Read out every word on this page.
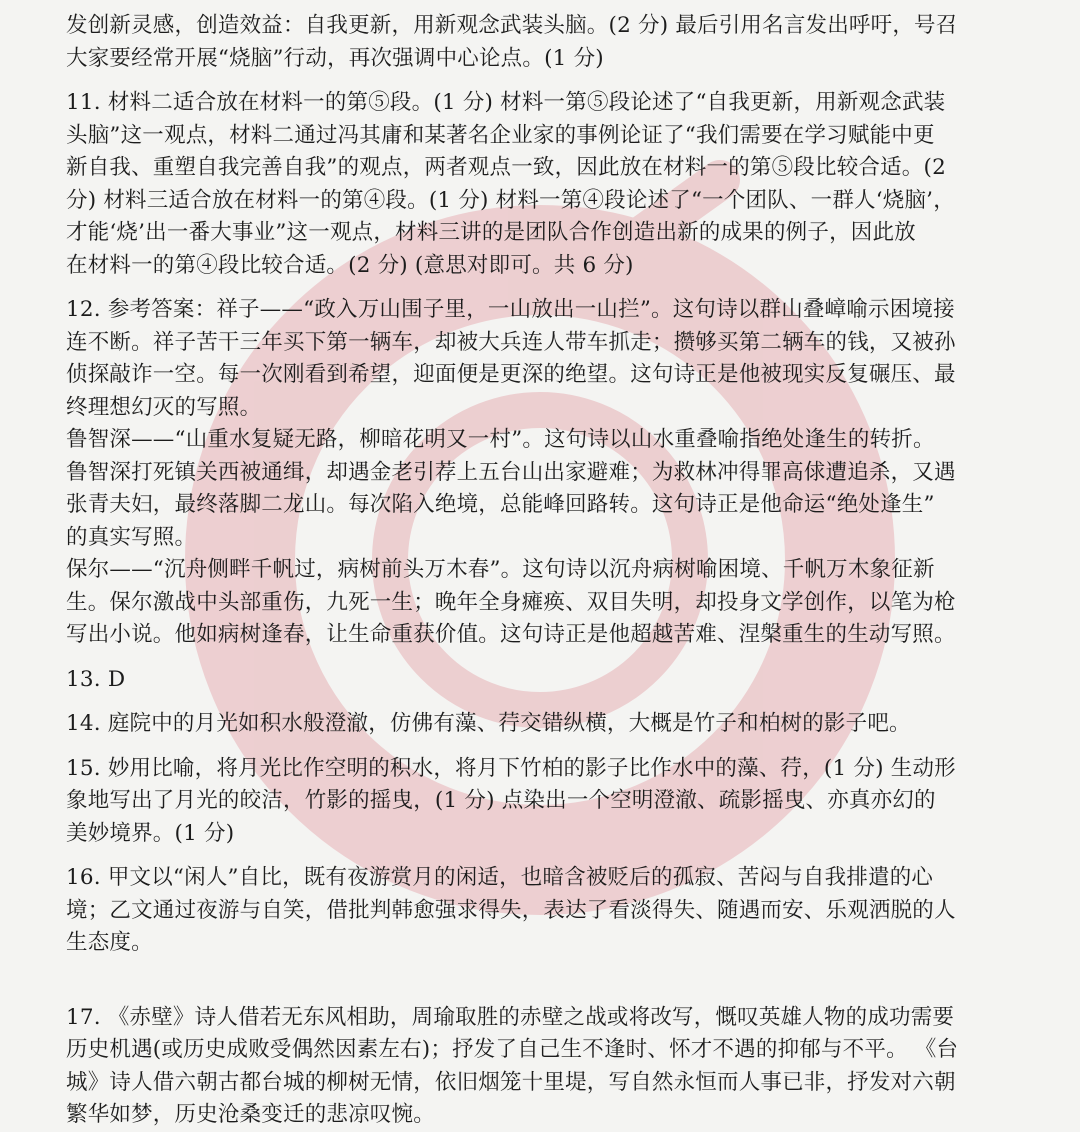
发创新灵感，创造效益：自我更新，用新观念武装头脑。(2 分) 最后引用名言发出呼吁，号召

大家要经常开展“烧脑”行动，再次强调中心论点。(1 分)

11. 材料二适合放在材料一的第⑤段。(1 分) 材料一第⑤段论述了“自我更新，用新观念武装

头脑”这一观点，材料二通过冯其庸和某著名企业家的事例论证了“我们需要在学习赋能中更

新自我、重塑自我完善自我”的观点，两者观点一致，因此放在材料一的第⑤段比较合适。(2

分) 材料三适合放在材料一的第④段。(1 分) 材料一第④段论述了“一个团队、一群人‘烧脑’，

才能‘烧’出一番大事业”这一观点，材料三讲的是团队合作创造出新的成果的例子，因此放

在材料一的第④段比较合适。(2 分) (意思对即可。共 6 分)

12. 参考答案：祥子——“政入万山围子里，一山放出一山拦”。这句诗以群山叠嶂喻示困境接

连不断。祥子苦干三年买下第一辆车，却被大兵连人带车抓走；攒够买第二辆车的钱，又被孙

侦探敲诈一空。每一次刚看到希望，迎面便是更深的绝望。这句诗正是他被现实反复碾压、最

终理想幻灭的写照。

鲁智深——“山重水复疑无路，柳暗花明又一村”。这句诗以山水重叠喻指绝处逢生的转折。

鲁智深打死镇关西被通缉，却遇金老引荐上五台山出家避难；为救林冲得罪高俅遭追杀，又遇

张青夫妇，最终落脚二龙山。每次陷入绝境，总能峰回路转。这句诗正是他命运“绝处逢生”

的真实写照。

保尔——“沉舟侧畔千帆过，病树前头万木春”。这句诗以沉舟病树喻困境、千帆万木象征新

生。保尔激战中头部重伤，九死一生；晚年全身瘫痪、双目失明，却投身文学创作，以笔为枪

写出小说。他如病树逢春，让生命重获价值。这句诗正是他超越苦难、涅槃重生的生动写照。

13. D

14. 庭院中的月光如积水般澄澈，仿佛有藻、荇交错纵横，大概是竹子和柏树的影子吧。

15. 妙用比喻，将月光比作空明的积水，将月下竹柏的影子比作水中的藻、荇，(1 分) 生动形

象地写出了月光的皎洁，竹影的摇曳，(1 分) 点染出一个空明澄澈、疏影摇曳、亦真亦幻的

美妙境界。(1 分)

16. 甲文以“闲人”自比，既有夜游赏月的闲适，也暗含被贬后的孤寂、苦闷与自我排遣的心

境；乙文通过夜游与自笑，借批判韩愈强求得失，表达了看淡得失、随遇而安、乐观洒脱的人

生态度。

17. 《赤壁》诗人借若无东风相助，周瑜取胜的赤壁之战或将改写，慨叹英雄人物的成功需要

历史机遇(或历史成败受偶然因素左右)；抒发了自己生不逢时、怀才不遇的抑郁与不平。 《台

城》诗人借六朝古都台城的柳树无情，依旧烟笼十里堤，写自然永恒而人事已非，抒发对六朝

繁华如梦，历史沧桑变迁的悲凉叹惋。
